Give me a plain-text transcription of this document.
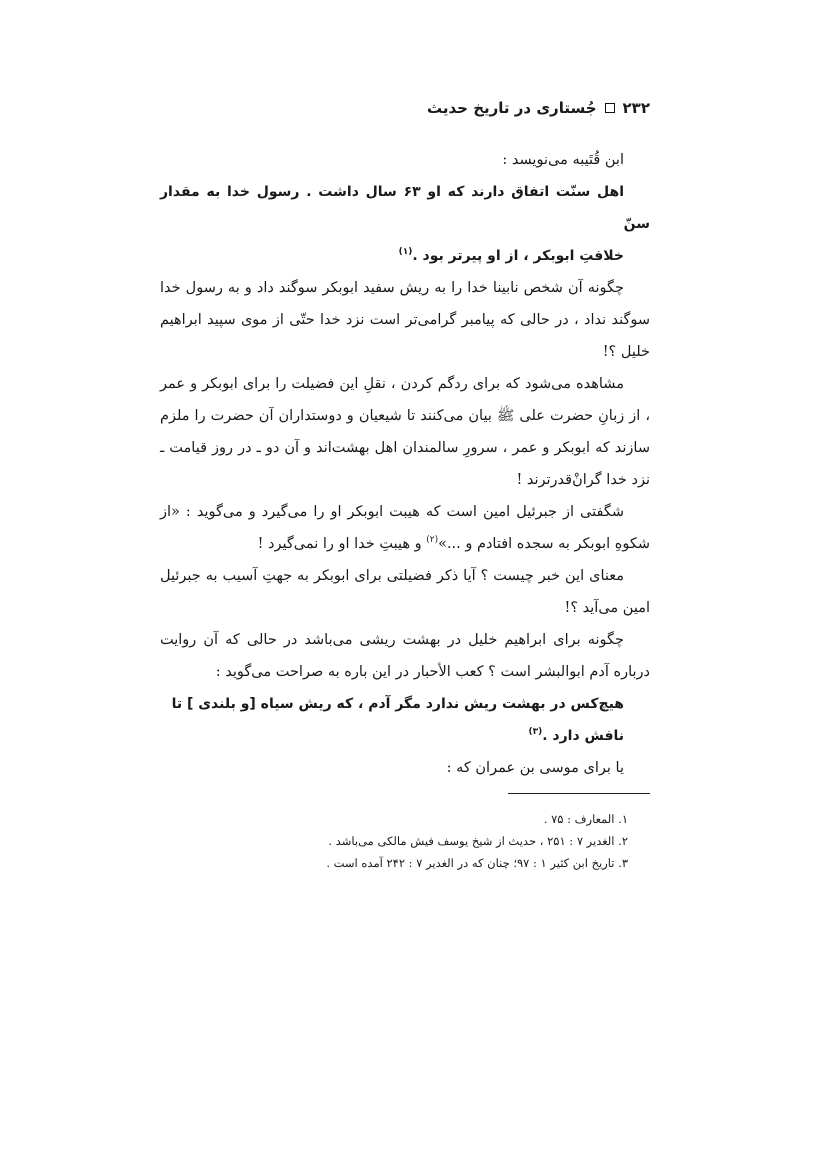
۲۳۲
جُستاری در تاریخ حدیث

ابن قُتَیبه می‌نویسد :

اهل سنّت اتفاق دارند که او ۶۳ سال داشت . رسول خدا به مقدار سنّ

خلافتِ ابوبکر ، از او پیرتر بود .$^{(۱)}$

چگونه آن شخص نابینا خدا را به ریش سفید ابوبکر سوگند داد و به رسول خدا سوگند نداد ، در حالی که پیامبر گرامی‌تر است نزد خدا حتّی از موی سپید ابراهیم خلیل ؟!

مشاهده می‌شود که برای ردگم کردن ، نقلِ این فضیلت را برای ابوبکر و عمر ، از زبانِ حضرت علی ﷺ بیان می‌کنند تا شیعیان و دوستداران آن حضرت را ملزم سازند که ابوبکر و عمر ، سرورِ سالمندان اهل بهشت‌اند و آن دو ـ در روز قیامت ـ نزد خدا گرانْ‌قدرترند !

شگفتی از جبرئیل امین است که هیبت ابوبکر او را می‌گیرد و می‌گوید : «از شکوهِ ابوبکر به سجده افتادم و ...»$^{(۲)}$ و هیبتِ خدا او را نمی‌گیرد !

معنای این خبر چیست ؟ آیا ذکر فضیلتی برای ابوبکر به جهتِ آسیب به جبرئیل امین می‌آید ؟!

چگونه برای ابراهیم خلیل در بهشت ریشی می‌باشد در حالی که آن روایت درباره آدم ابوالبشر است ؟ کعب الأحبار در این باره به صراحت می‌گوید :

هیچ‌کس در بهشت ریش ندارد مگر آدم ، که ریش سیاه [و بلندی ] تا

نافش دارد .$^{(۳)}$

یا برای موسی بن عمران که :

۱. المعارف : ۷۵ .

۲. الغدیر ۷ : ۲۵۱ ، حدیث از شیخ یوسف فیش مالکی می‌باشد .

۳. تاریخ ابن کثیر ۱ : ۹۷؛ چنان که در الغدیر ۷ : ۲۴۲ آمده است .
